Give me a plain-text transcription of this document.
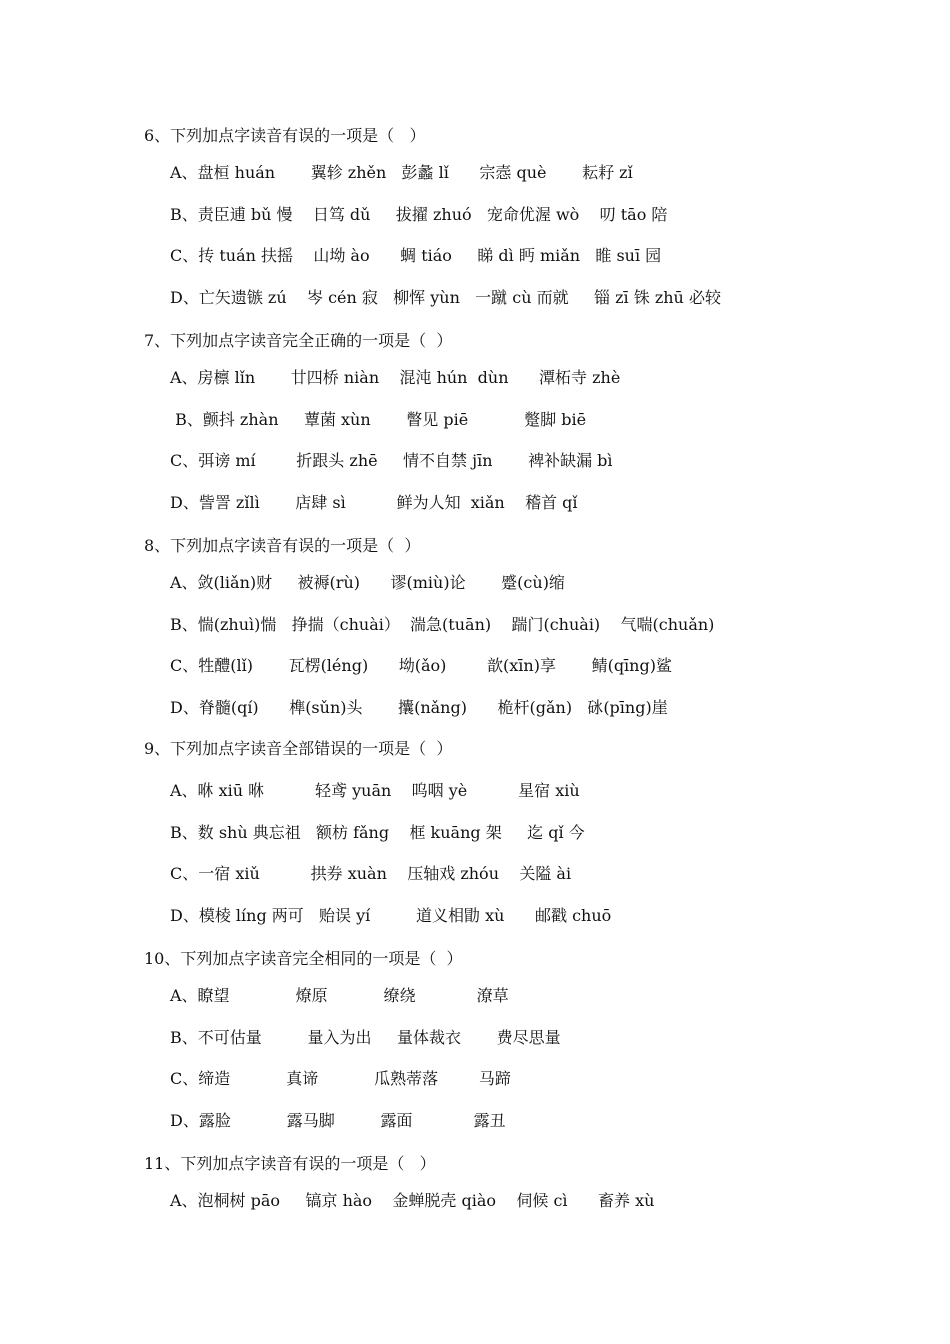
6、下列加点字读音有误的一项是（   ）
A、盘桓 huán       翼轸 zhěn   彭蠡 lǐ      宗悫 què       耘耔 zǐ
B、责臣逋 bǔ 慢    日笃 dǔ     拔擢 zhuó   宠命优渥 wò    叨 tāo 陪
C、抟 tuán 扶摇    山坳 ào      蜩 tiáo     睇 dì 眄 miǎn   睢 suī 园
D、亡矢遗镞 zú    岑 cén 寂   柳恽 yùn   一蹴 cù 而就     锱 zī 铢 zhū 必较
7、下列加点字读音完全正确的一项是（  ）
A、房檩 lǐn       廿四桥 niàn    混沌 hún  dùn      潭柘寺 zhè
B、颤抖 zhàn     蕈菌 xùn       瞥见 piē           蹩脚 biē
C、弭谤 mí        折跟头 zhē     情不自禁 jīn       裨补缺漏 bì
D、訾詈 zǐlì       店肆 sì          鲜为人知  xiǎn    稽首 qǐ
8、下列加点字读音有误的一项是（  ）
A、敛(liǎn)财     被褥(rù)      谬(miù)论       蹙(cù)缩
B、惴(zhuì)惴   挣揣（chuài）  湍急(tuān)    踹门(chuài)    气喘(chuǎn)
C、牲醴(lǐ)       瓦楞(léng)      坳(ǎo)        歆(xīn)享       鲭(qīng)鲨
D、脊髓(qí)      榫(sǔn)头       攮(nǎng)      桅杆(gǎn)   砯(pīng)崖
9、下列加点字读音全部错误的一项是（  ）
A、咻 xiū 咻          轻鸢 yuān    呜咽 yè          星宿 xiù
B、数 shù 典忘祖   额枋 fǎng    框 kuāng 架     迄 qǐ 今
C、一宿 xiǔ          拱券 xuàn    压轴戏 zhóu    关隘 ài
D、模棱 líng 两可   贻误 yí         道义相勖 xù      邮戳 chuō
10、下列加点字读音完全相同的一项是（  ）
A、瞭望             燎原           缭绕            潦草
B、不可估量         量入为出     量体裁衣       费尽思量
C、缔造           真谛           瓜熟蒂落        马蹄
D、露脸           露马脚         露面            露丑
11、下列加点字读音有误的一项是（   ）
A、泡桐树 pāo     镐京 hào    金蝉脱壳 qiào    伺候 cì      畜养 xù
